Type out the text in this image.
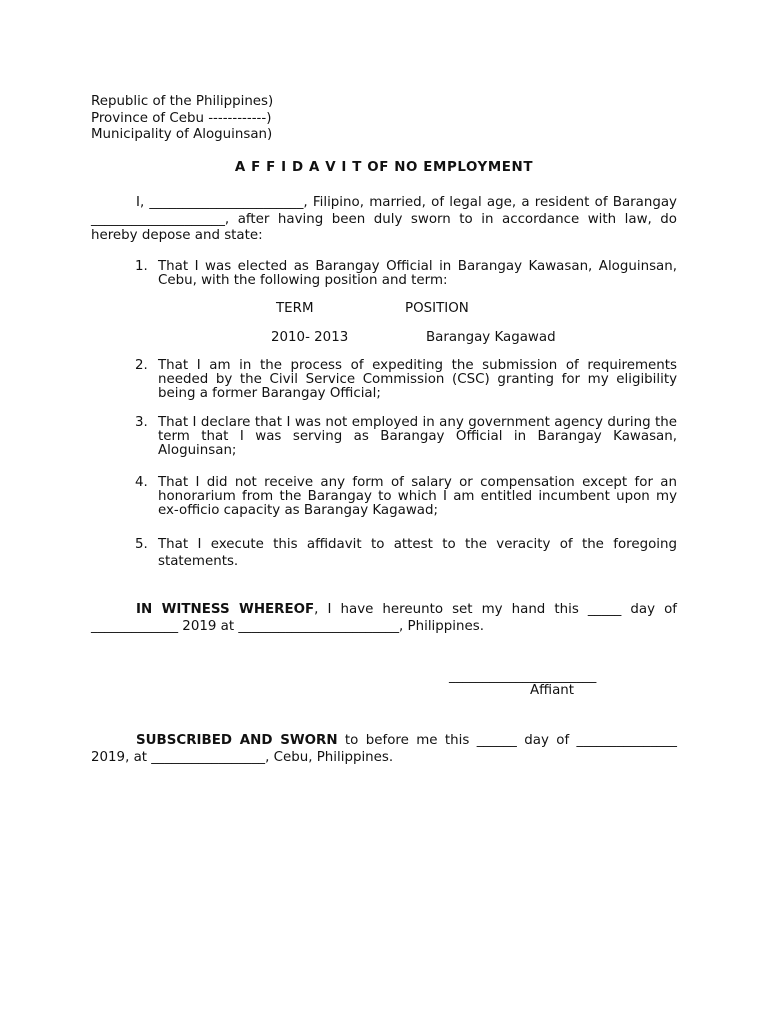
Republic of the Philippines)

Province of Cebu ------------)

Municipality of Aloguinsan)

A F F I D A V I T OF NO EMPLOYMENT

I, _______________________, Filipino, married, of legal age, a resident of Barangay ____________________, after having been duly sworn to in accordance with law, do hereby depose and state:

1. That I was elected as Barangay Official in Barangay Kawasan, Aloguinsan, Cebu, with the following position and term:
TERM	POSITION
2010- 2013	Barangay Kagawad
2. That I am in the process of expediting the submission of requirements needed by the Civil Service Commission (CSC) granting for my eligibility being a former Barangay Official;
3. That I declare that I was not employed in any government agency during the term that I was serving as Barangay Official in Barangay Kawasan, Aloguinsan;
4. That I did not receive any form of salary or compensation except for an honorarium from the Barangay to which I am entitled incumbent upon my ex-officio capacity as Barangay Kagawad;
5. That I execute this affidavit to attest to the veracity of the foregoing statements.

IN WITNESS WHEREOF, I have hereunto set my hand this _____ day of _____________ 2019 at ________________________, Philippines.

______________________
Affiant

SUBSCRIBED AND SWORN to before me this ______ day of _______________ 2019, at _________________, Cebu, Philippines.
